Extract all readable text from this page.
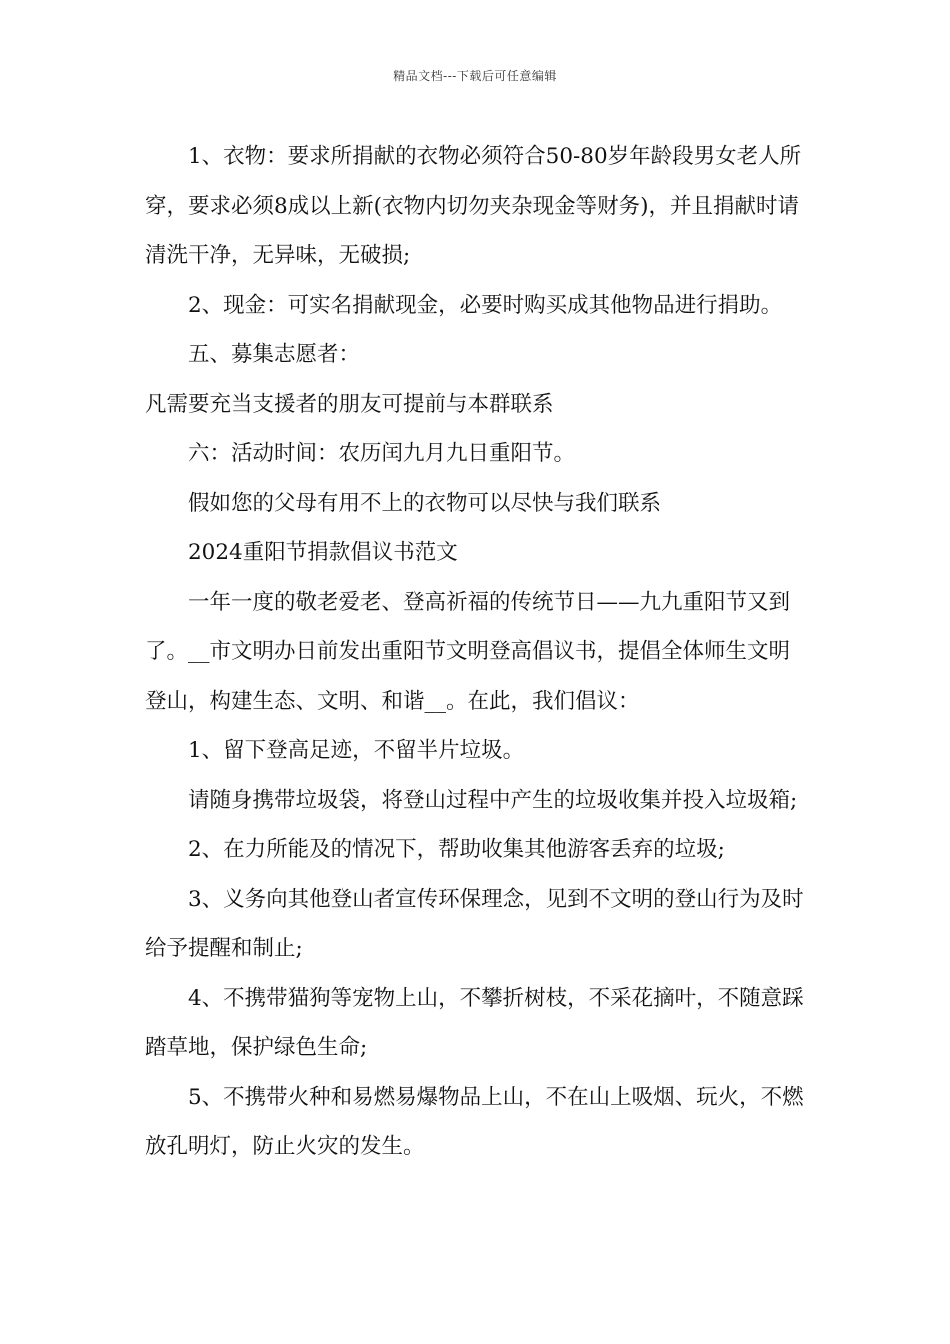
精品文档---下载后可任意编辑

1、衣物：要求所捐献的衣物必须符合50-80岁年龄段男女老人所穿，要求必须8成以上新(衣物内切勿夹杂现金等财务)，并且捐献时请清洗干净，无异味，无破损;

2、现金：可实名捐献现金，必要时购买成其他物品进行捐助。

五、募集志愿者：

凡需要充当支援者的朋友可提前与本群联系

六：活动时间：农历闰九月九日重阳节。

假如您的父母有用不上的衣物可以尽快与我们联系

2024重阳节捐款倡议书范文

一年一度的敬老爱老、登高祈福的传统节日——九九重阳节又到了。__市文明办日前发出重阳节文明登高倡议书，提倡全体师生文明登山，构建生态、文明、和谐__。在此，我们倡议：

1、留下登高足迹，不留半片垃圾。

请随身携带垃圾袋，将登山过程中产生的垃圾收集并投入垃圾箱;

2、在力所能及的情况下，帮助收集其他游客丢弃的垃圾;

3、义务向其他登山者宣传环保理念，见到不文明的登山行为及时给予提醒和制止;

4、不携带猫狗等宠物上山，不攀折树枝，不采花摘叶，不随意踩踏草地，保护绿色生命;

5、不携带火种和易燃易爆物品上山，不在山上吸烟、玩火，不燃放孔明灯，防止火灾的发生。
